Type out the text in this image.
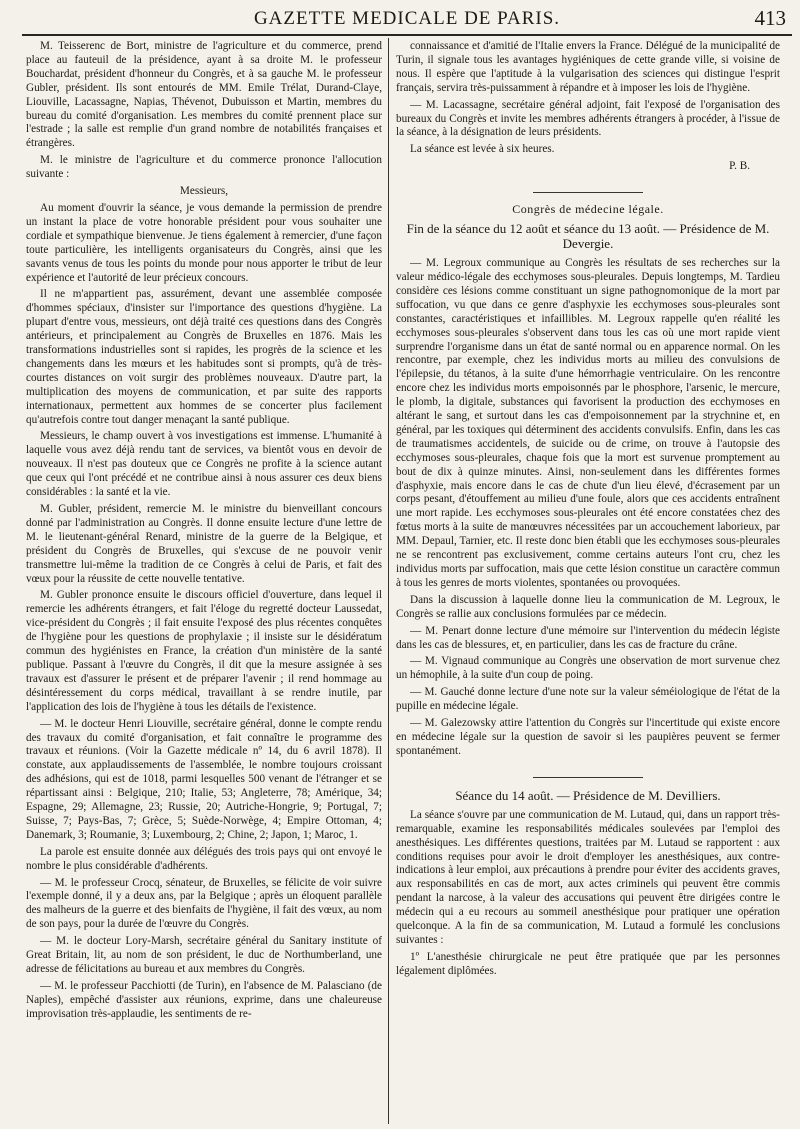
GAZETTE MEDICALE DE PARIS.	413

M. Teisserenc de Bort, ministre de l'agriculture et du commerce, prend place au fauteuil de la présidence, ayant à sa droite M. le professeur Bouchardat, président d'honneur du Congrès, et à sa gauche M. le professeur Gubler, président. Ils sont entourés de MM. Emile Trélat, Durand-Claye, Liouville, Lacassagne, Napias, Thévenot, Dubuisson et Martin, membres du bureau du comité d'organisation. Les membres du comité prennent place sur l'estrade ; la salle est remplie d'un grand nombre de notabilités françaises et étrangères.

M. le ministre de l'agriculture et du commerce prononce l'allocution suivante :

Messieurs,

Au moment d'ouvrir la séance, je vous demande la permission de prendre un instant la place de votre honorable président pour vous souhaiter une cordiale et sympathique bienvenue. Je tiens également à remercier, d'une façon toute particulière, les intelligents organisateurs du Congrès, ainsi que les savants venus de tous les points du monde pour nous apporter le tribut de leur expérience et l'autorité de leur précieux concours.

Il ne m'appartient pas, assurément, devant une assemblée composée d'hommes spéciaux, d'insister sur l'importance des questions d'hygiène. La plupart d'entre vous, messieurs, ont déjà traité ces questions dans des Congrès antérieurs, et principalement au Congrès de Bruxelles en 1876. Mais les transformations industrielles sont si rapides, les progrès de la science et les changements dans les mœurs et les habitudes sont si prompts, qu'à de très-courtes distances on voit surgir des problèmes nouveaux. D'autre part, la multiplication des moyens de communication, et par suite des rapports internationaux, permettent aux hommes de se concerter plus facilement qu'autrefois contre tout danger menaçant la santé publique.

Messieurs, le champ ouvert à vos investigations est immense. L'humanité à laquelle vous avez déjà rendu tant de services, va bientôt vous en devoir de nouveaux. Il n'est pas douteux que ce Congrès ne profite à la science autant que ceux qui l'ont précédé et ne contribue ainsi à nous assurer ces deux biens considérables : la santé et la vie.

M. Gubler, président, remercie M. le ministre du bienveillant concours donné par l'administration au Congrès. Il donne ensuite lecture d'une lettre de M. le lieutenant-général Renard, ministre de la guerre de la Belgique, et président du Congrès de Bruxelles, qui s'excuse de ne pouvoir venir transmettre lui-même la tradition de ce Congrès à celui de Paris, et fait des vœux pour la réussite de cette nouvelle tentative.

M. Gubler prononce ensuite le discours officiel d'ouverture, dans lequel il remercie les adhérents étrangers, et fait l'éloge du regretté docteur Laussedat, vice-président du Congrès ; il fait ensuite l'exposé des plus récentes conquêtes de l'hygiène pour les questions de prophylaxie ; il insiste sur le désidératum commun des hygiénistes en France, la création d'un ministère de la santé publique. Passant à l'œuvre du Congrès, il dit que la mesure assignée à ses travaux est d'assurer le présent et de préparer l'avenir ; il rend hommage au désintéressement du corps médical, travaillant à se rendre inutile, par l'application des lois de l'hygiène à tous les détails de l'existence.

— M. le docteur Henri Liouville, secrétaire général, donne le compte rendu des travaux du comité d'organisation, et fait connaître le programme des travaux et réunions. (Voir la Gazette médicale nº 14, du 6 avril 1878). Il constate, aux applaudissements de l'assemblée, le nombre toujours croissant des adhésions, qui est de 1018, parmi lesquelles 500 venant de l'étranger et se répartissant ainsi : Belgique, 210; Italie, 53; Angleterre, 78; Amérique, 34; Espagne, 29; Allemagne, 23; Russie, 20; Autriche-Hongrie, 9; Portugal, 7; Suisse, 7; Pays-Bas, 7; Grèce, 5; Suède-Norwège, 4; Empire Ottoman, 4; Danemark, 3; Roumanie, 3; Luxembourg, 2; Chine, 2; Japon, 1; Maroc, 1.

La parole est ensuite donnée aux délégués des trois pays qui ont envoyé le nombre le plus considérable d'adhérents.

— M. le professeur Crocq, sénateur, de Bruxelles, se félicite de voir suivre l'exemple donné, il y a deux ans, par la Belgique ; après un éloquent parallèle des malheurs de la guerre et des bienfaits de l'hygiène, il fait des vœux, au nom de son pays, pour la durée de l'œuvre du Congrès.

— M. le docteur Lory-Marsh, secrétaire général du Sanitary institute of Great Britain, lit, au nom de son président, le duc de Northumberland, une adresse de félicitations au bureau et aux membres du Congrès.

— M. le professeur Pacchiotti (de Turin), en l'absence de M. Palasciano (de Naples), empêché d'assister aux réunions, exprime, dans une chaleureuse improvisation très-applaudie, les sentiments de re-

connaissance et d'amitié de l'Italie envers la France. Délégué de la municipalité de Turin, il signale tous les avantages hygiéniques de cette grande ville, si voisine de nous. Il espère que l'aptitude à la vulgarisation des sciences qui distingue l'esprit français, servira très-puissamment à répandre et à imposer les lois de l'hygiène.

— M. Lacassagne, secrétaire général adjoint, fait l'exposé de l'organisation des bureaux du Congrès et invite les membres adhérents étrangers à procéder, à l'issue de la séance, à la désignation de leurs présidents.

La séance est levée à six heures.

P. B.

Congrès de médecine légale.
Fin de la séance du 12 août et séance du 13 août. — Présidence de M. Devergie.

— M. Legroux communique au Congrès les résultats de ses recherches sur la valeur médico-légale des ecchymoses sous-pleurales. Depuis longtemps, M. Tardieu considère ces lésions comme constituant un signe pathognomonique de la mort par suffocation, vu que dans ce genre d'asphyxie les ecchymoses sous-pleurales sont constantes, caractéristiques et infaillibles. M. Legroux rappelle qu'en réalité les ecchymoses sous-pleurales s'observent dans tous les cas où une mort rapide vient surprendre l'organisme dans un état de santé normal ou en apparence normal. On les rencontre, par exemple, chez les individus morts au milieu des convulsions de l'épilepsie, du tétanos, à la suite d'une hémorrhagie ventriculaire. On les rencontre encore chez les individus morts empoisonnés par le phosphore, l'arsenic, le mercure, le plomb, la digitale, substances qui favorisent la production des ecchymoses en altérant le sang, et surtout dans les cas d'empoisonnement par la strychnine et, en général, par les toxiques qui déterminent des accidents convulsifs. Enfin, dans les cas de traumatismes accidentels, de suicide ou de crime, on trouve à l'autopsie des ecchymoses sous-pleurales, chaque fois que la mort est survenue promptement au bout de dix à quinze minutes. Ainsi, non-seulement dans les différentes formes d'asphyxie, mais encore dans le cas de chute d'un lieu élevé, d'écrasement par un corps pesant, d'étouffement au milieu d'une foule, alors que ces accidents entraînent une mort rapide. Les ecchymoses sous-pleurales ont été encore constatées chez des fœtus morts à la suite de manœuvres nécessitées par un accouchement laborieux, par MM. Depaul, Tarnier, etc. Il reste donc bien établi que les ecchymoses sous-pleurales ne se rencontrent pas exclusivement, comme certains auteurs l'ont cru, chez les individus morts par suffocation, mais que cette lésion constitue un caractère commun à tous les genres de morts violentes, spontanées ou provoquées.

Dans la discussion à laquelle donne lieu la communication de M. Legroux, le Congrès se rallie aux conclusions formulées par ce médecin.

— M. Penart donne lecture d'une mémoire sur l'intervention du médecin légiste dans les cas de blessures, et, en particulier, dans les cas de fracture du crâne.

— M. Vignaud communique au Congrès une observation de mort survenue chez un hémophile, à la suite d'un coup de poing.

— M. Gauché donne lecture d'une note sur la valeur séméiologique de l'état de la pupille en médecine légale.

— M. Galezowsky attire l'attention du Congrès sur l'incertitude qui existe encore en médecine légale sur la question de savoir si les paupières peuvent se fermer spontanément.

Séance du 14 août. — Présidence de M. Devilliers.

La séance s'ouvre par une communication de M. Lutaud, qui, dans un rapport très-remarquable, examine les responsabilités médicales soulevées par l'emploi des anesthésiques. Les différentes questions, traitées par M. Lutaud se rapportent : aux conditions requises pour avoir le droit d'employer les anesthésiques, aux contre-indications à leur emploi, aux précautions à prendre pour éviter des accidents graves, aux responsabilités en cas de mort, aux actes criminels qui peuvent être commis pendant la narcose, à la valeur des accusations qui peuvent être dirigées contre le médecin qui a eu recours au sommeil anesthésique pour pratiquer une opération quelconque. A la fin de sa communication, M. Lutaud a formulé les conclusions suivantes :

1º L'anesthésie chirurgicale ne peut être pratiquée que par les personnes légalement diplômées.
